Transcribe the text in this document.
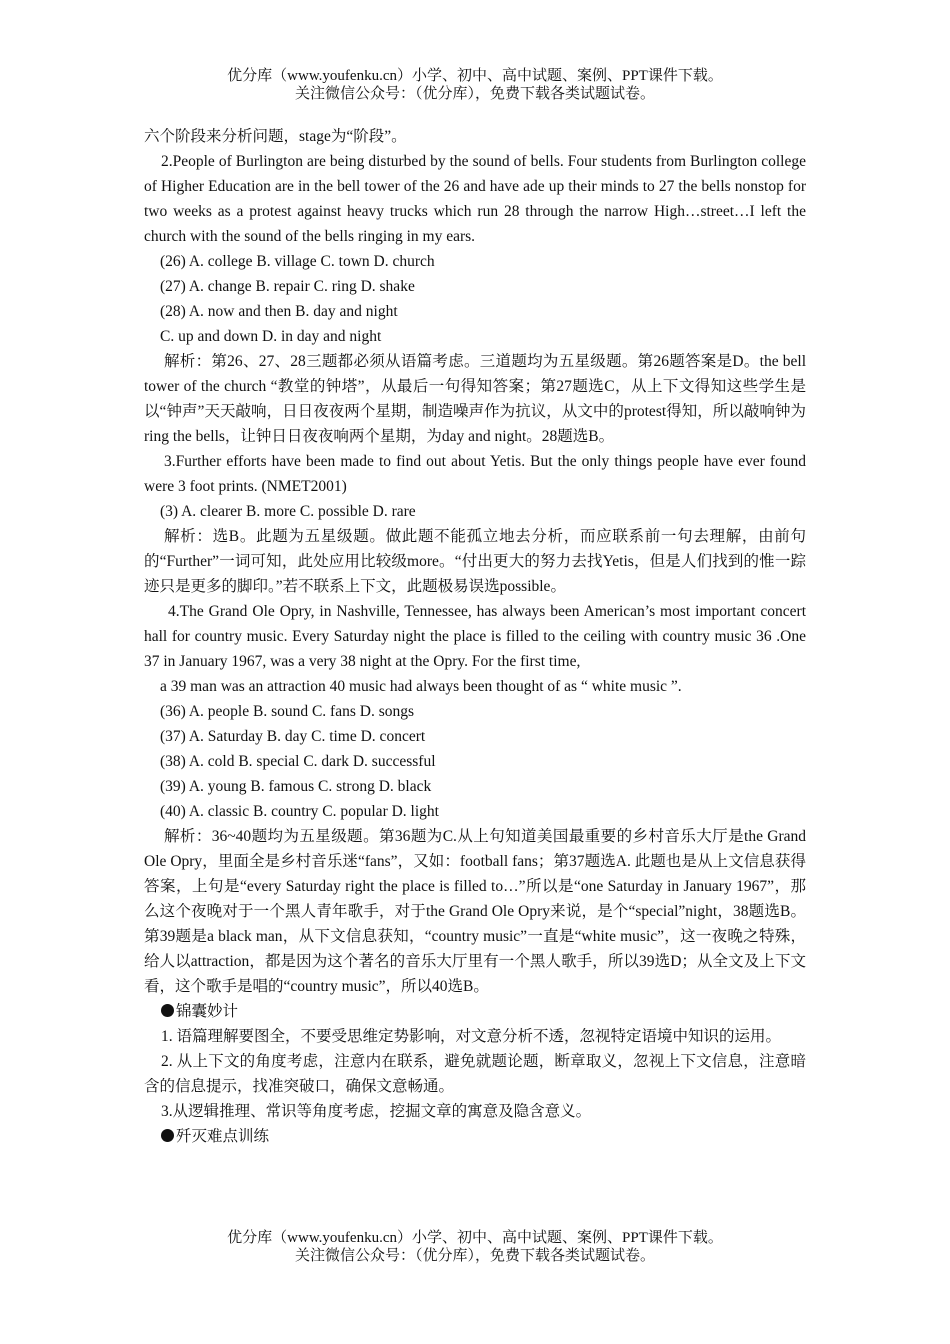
优分库（www.youfenku.cn）小学、初中、高中试题、案例、PPT课件下载。
关注微信公众号：（优分库），免费下载各类试题试卷。

六个阶段来分析问题，stage为“阶段”。

2.People of Burlington are being disturbed by the sound of bells. Four students from Burlington college of Higher Education are in the bell tower of the 26 and have ade up their minds to 27 the bells nonstop for two weeks as a protest against heavy trucks which run 28 through the narrow High…street…I left the church with the sound of the bells ringing in my ears.

(26) A. college B. village C. town D. church

(27) A. change B. repair C. ring D. shake

(28) A. now and then B. day and night

C. up and down D. in day and night

解析：第26、27、28三题都必须从语篇考虑。三道题均为五星级题。第26题答案是D。the bell tower of the church “教堂的钟塔”，从最后一句得知答案；第27题选C，从上下文得知这些学生是以“钟声”天天敲响，日日夜夜两个星期，制造噪声作为抗议，从文中的protest得知，所以敲响钟为ring the bells，让钟日日夜夜响两个星期，为day and night。28题选B。

3.Further efforts have been made to find out about Yetis. But the only things people have ever found were 3 foot prints. (NMET2001)

(3) A. clearer B. more C. possible D. rare

解析：选B。此题为五星级题。做此题不能孤立地去分析，而应联系前一句去理解，由前句的“Further”一词可知，此处应用比较级more。“付出更大的努力去找Yetis，但是人们找到的惟一踪迹只是更多的脚印。”若不联系上下文，此题极易误选possible。

4.The Grand Ole Opry, in Nashville, Tennessee, has always been American’s most important concert hall for country music. Every Saturday night the place is filled to the ceiling with country music 36 .One 37 in January 1967, was a very 38 night at the Opry. For the first time,

a 39 man was an attraction 40 music had always been thought of as “ white music ”.

(36) A. people B. sound C. fans D. songs

(37) A. Saturday B. day C. time D. concert

(38) A. cold B. special C. dark D. successful

(39) A. young B. famous C. strong D. black

(40) A. classic B. country C. popular D. light

解析：36~40题均为五星级题。第36题为C.从上句知道美国最重要的乡村音乐大厅是the Grand Ole Opry，里面全是乡村音乐迷“fans”，又如：football fans；第37题选A. 此题也是从上文信息获得答案，上句是“every Saturday right the place is filled to…”所以是“one Saturday in January 1967”，那么这个夜晚对于一个黑人青年歌手，对于the Grand Ole Opry来说，是个“special”night，38题选B。第39题是a black man，从下文信息获知，“country music”一直是“white music”，这一夜晚之特殊，给人以attraction，都是因为这个著名的音乐大厅里有一个黑人歌手，所以39选D；从全文及上下文看，这个歌手是唱的“country music”，所以40选B。

锦囊妙计

1. 语篇理解要图全，不要受思维定势影响，对文意分析不透，忽视特定语境中知识的运用。

2. 从上下文的角度考虑，注意内在联系，避免就题论题，断章取义，忽视上下文信息，注意暗含的信息提示，找准突破口，确保文意畅通。

3.从逻辑推理、常识等角度考虑，挖掘文章的寓意及隐含意义。

歼灭难点训练

优分库（www.youfenku.cn）小学、初中、高中试题、案例、PPT课件下载。
关注微信公众号：（优分库），免费下载各类试题试卷。
